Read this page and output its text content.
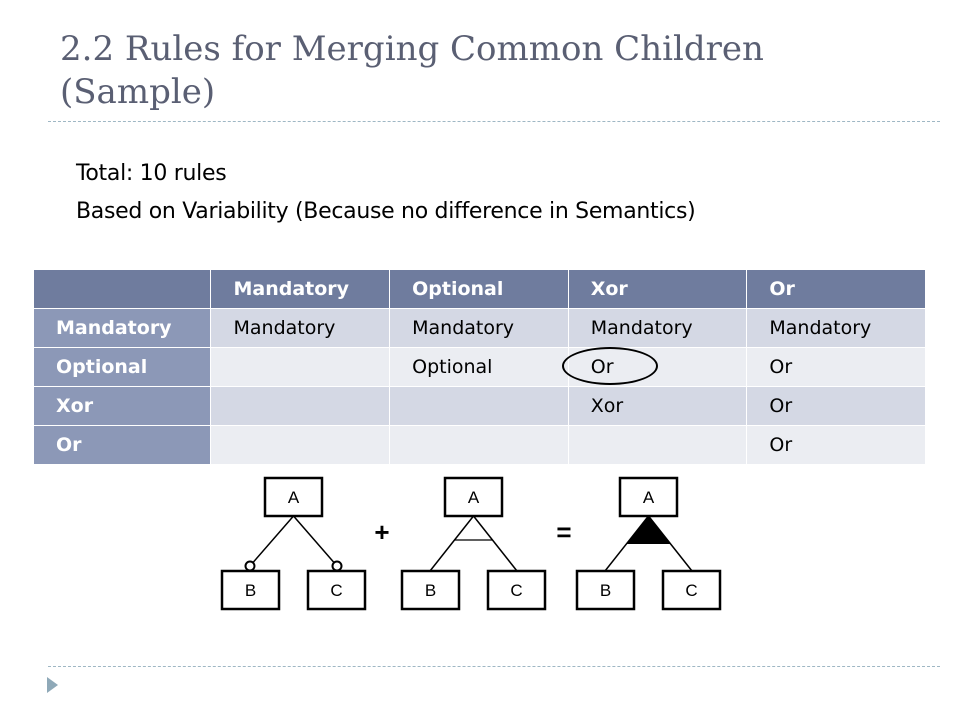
2.2 Rules for Merging Common Children (Sample)
Total: 10 rules
Based on Variability (Because no difference in Semantics)
	Mandatory	Optional	Xor	Or
Mandatory	Mandatory	Mandatory	Mandatory	Mandatory
Optional		Optional	Or	Or
Xor			Xor	Or
Or				Or
A
B	C
+
A
B	C
=
A
B	C
